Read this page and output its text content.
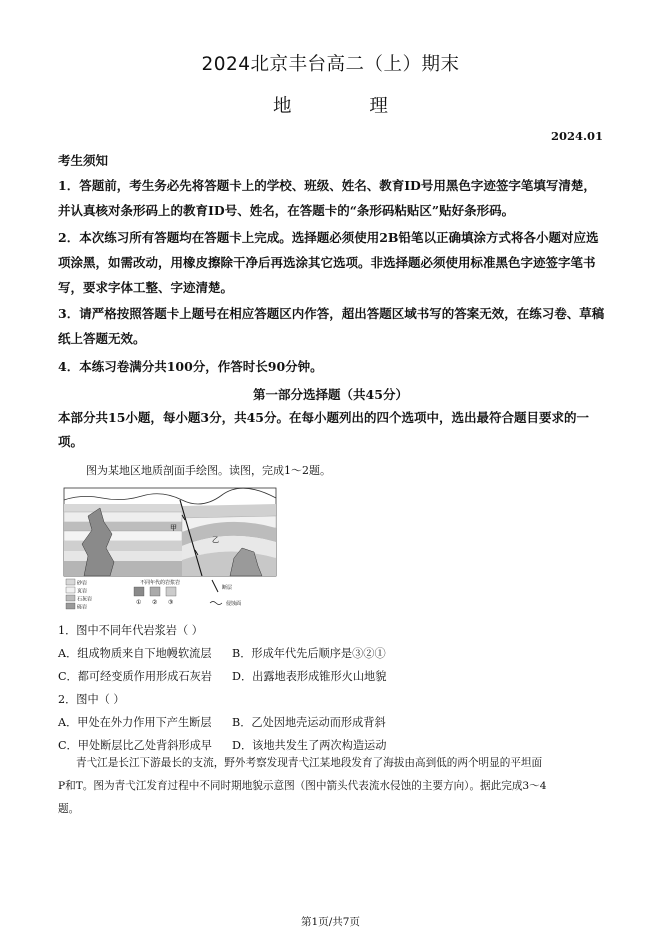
2024北京丰台高二（上）期末
地 理
2024.01
考生须知
1．答题前，考生务必先将答题卡上的学校、班级、姓名、教育ID号用黑色字迹签字笔填写清楚，并认真核对条形码上的教育ID号、姓名，在答题卡的“条形码粘贴区”贴好条形码。
2．本次练习所有答题均在答题卡上完成。选择题必须使用2B铅笔以正确填涂方式将各小题对应选项涂黑，如需改动，用橡皮擦除干净后再选涂其它选项。非选择题必须使用标准黑色字迹签字笔书写，要求字体工整、字迹清楚。
3．请严格按照答题卡上题号在相应答题区内作答，超出答题区域书写的答案无效，在练习卷、草稿纸上答题无效。
4．本练习卷满分共100分，作答时长90分钟。
第一部分选择题（共45分）
本部分共15小题，每小题3分，共45分。在每小题列出的四个选项中，选出最符合题目要求的一项。
图为某地区地质剖面手绘图。读图，完成1～2题。
甲
乙
砂岩
页岩
石灰岩
砾岩
不同年代的岩浆岩
① ② ③
断层
侵蚀面
1．图中不同年代岩浆岩（ ）
A．组成物质来自下地幔软流层 B．形成年代先后顺序是③②①
C．都可经变质作用形成石灰岩 D．出露地表形成锥形火山地貌
2．图中（ ）
A．甲处在外力作用下产生断层 B．乙处因地壳运动而形成背斜
C．甲处断层比乙处背斜形成早 D．该地共发生了两次构造运动
青弋江是长江下游最长的支流，野外考察发现青弋江某地段发育了海拔由高到低的两个明显的平坦面
P和T。图为青弋江发育过程中不同时期地貌示意图（图中箭头代表流水侵蚀的主要方向）。据此完成3～4
题。
第1页/共7页
